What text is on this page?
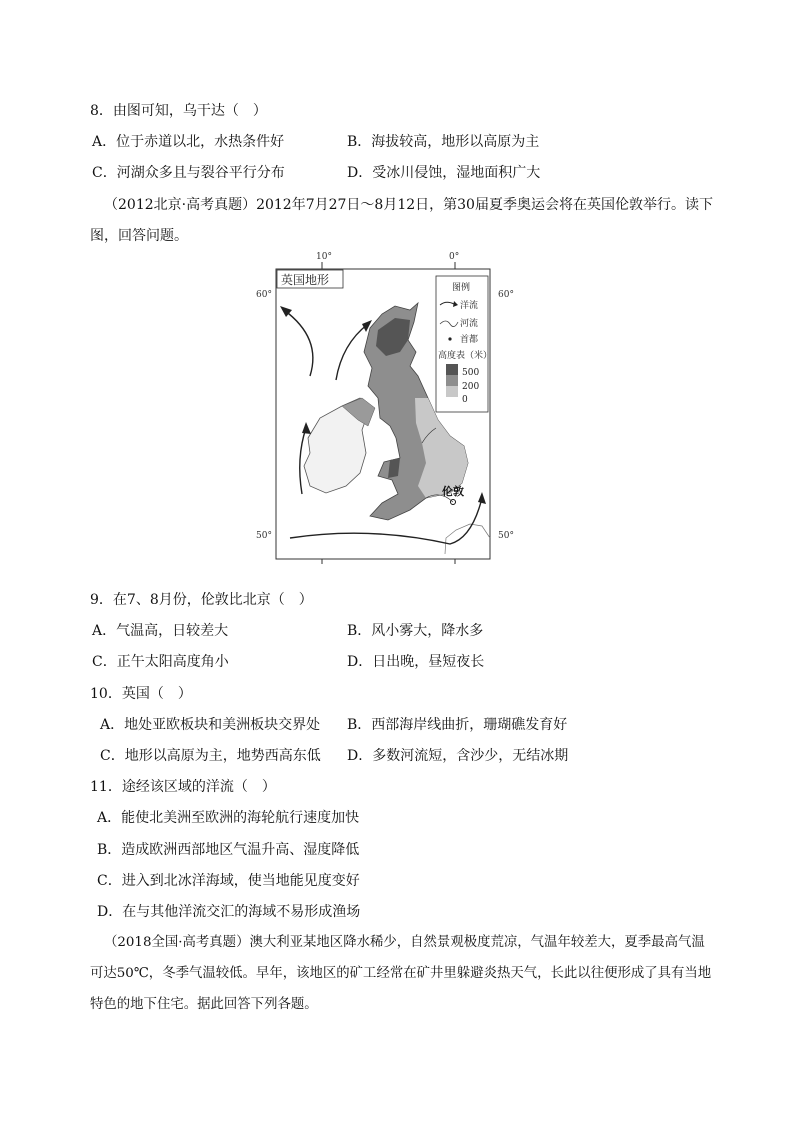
8．由图可知，乌干达（　）
A．位于赤道以北，水热条件好	B．海拔较高，地形以高原为主
C．河湖众多且与裂谷平行分布	D．受冰川侵蚀，湿地面积广大
（2012北京·高考真题）2012年7月27日～8月12日，第30届夏季奥运会将在英国伦敦举行。读下
图，回答问题。
10°	0°
60°	60°
50°	50°
英国地形
伦敦
图例
洋流
河流
首都
高度表（米）
500
200
0
9．在7、8月份，伦敦比北京（　）
A．气温高，日较差大	B．风小雾大，降水多
C．正午太阳高度角小	D．日出晚，昼短夜长
10．英国（　）
A．地处亚欧板块和美洲板块交界处 B．西部海岸线曲折，珊瑚礁发育好
C．地形以高原为主，地势西高东低 D．多数河流短，含沙少，无结冰期
11．途经该区域的洋流（　）
A．能使北美洲至欧洲的海轮航行速度加快
B．造成欧洲西部地区气温升高、湿度降低
C．进入到北冰洋海域，使当地能见度变好
D．在与其他洋流交汇的海域不易形成渔场
（2018全国·高考真题）澳大利亚某地区降水稀少，自然景观极度荒凉，气温年较差大，夏季最高气温
可达50℃，冬季气温较低。早年，该地区的矿工经常在矿井里躲避炎热天气，长此以往便形成了具有当地
特色的地下住宅。据此回答下列各题。
